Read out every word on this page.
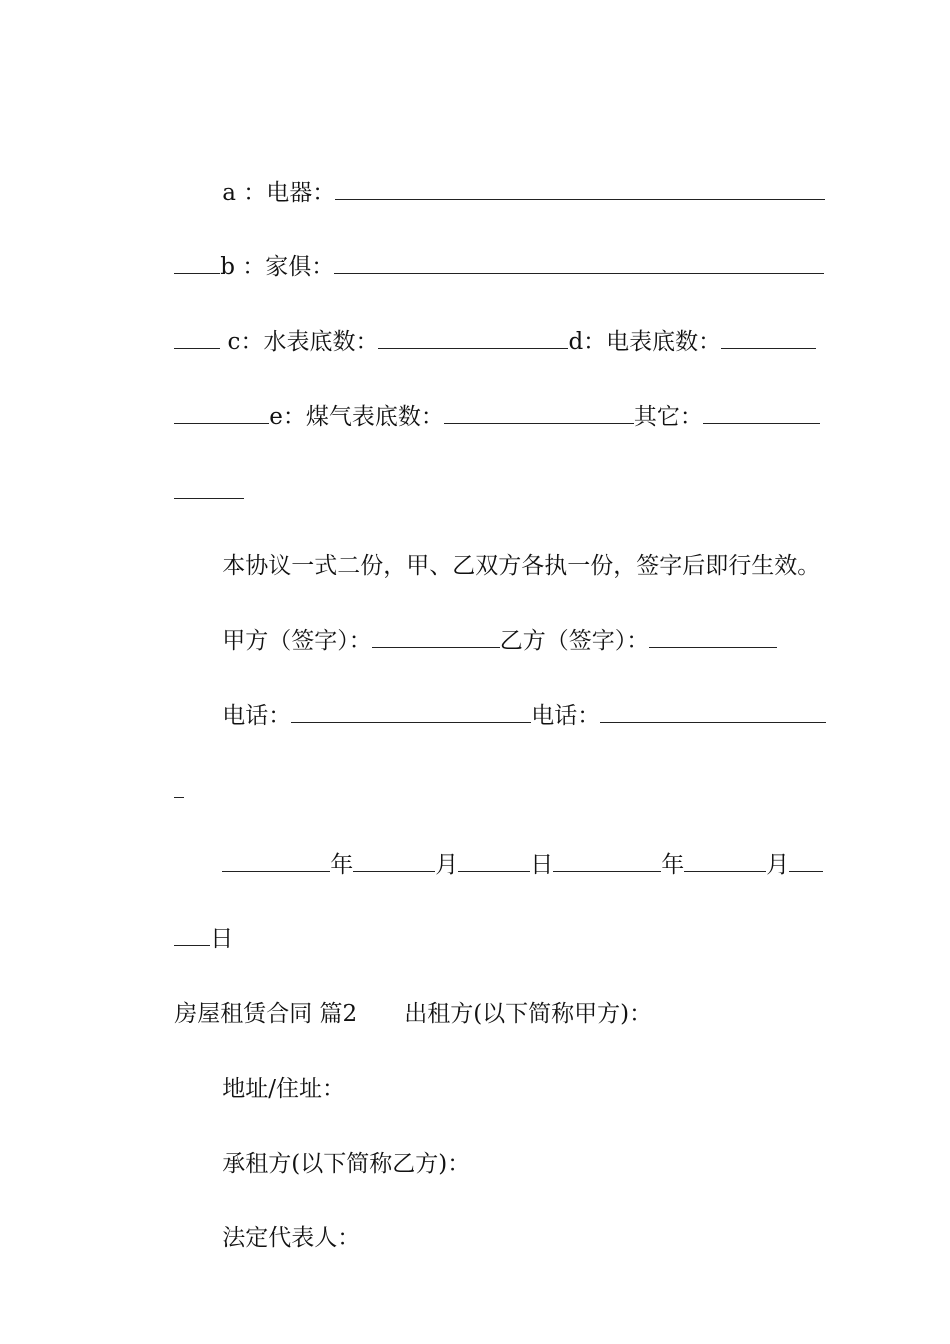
a ：电器：

b ：家俱：

c：水表底数：	d：电表底数：

e：煤气表底数：	其它：

本协议一式二份，甲、乙双方各执一份，签字后即行生效。

甲方（签字）：	乙方（签字）：

电话：	电话：

年	月	日	年	月

日

房屋租赁合同 篇2 出租方(以下简称甲方)：

地址/住址：

承租方(以下简称乙方)：

法定代表人：
